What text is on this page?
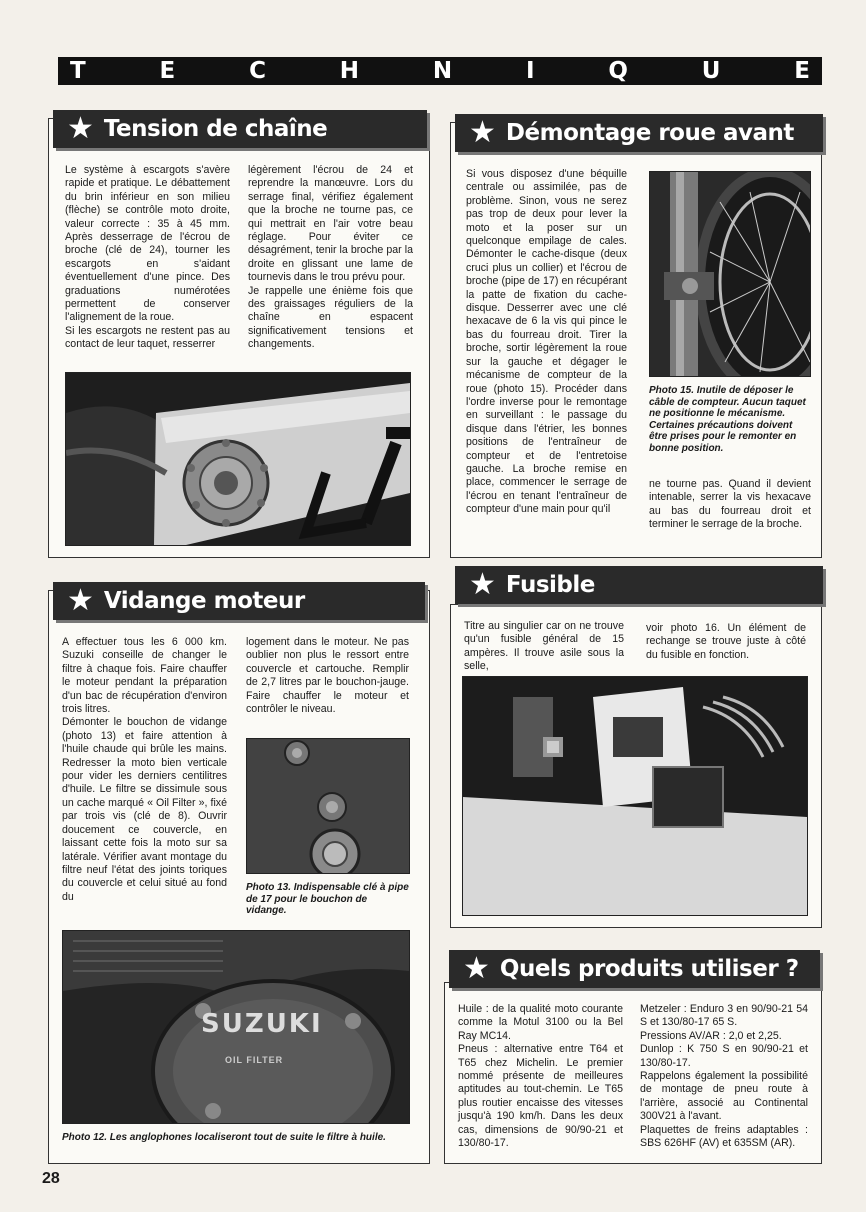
T	E	C	H	N	I	Q	U	E
★ Tension de chaîne

Le système à escargots s'avère rapide et pratique. Le débattement du brin inférieur en son milieu (flèche) se contrôle moto droite, valeur correcte : 35 à 45 mm. Après desserrage de l'écrou de broche (clé de 24), tourner les escargots en s'aidant éventuellement d'une pince. Des graduations numérotées permettent de conserver l'alignement de la roue.

Si les escargots ne restent pas au contact de leur taquet, resserrer

légèrement l'écrou de 24 et reprendre la manœuvre. Lors du serrage final, vérifiez également que la broche ne tourne pas, ce qui mettrait en l'air votre beau réglage. Pour éviter ce désagrément, tenir la broche par la droite en glissant une lame de tournevis dans le trou prévu pour.

Je rappelle une énième fois que des graissages réguliers de la chaîne en espacent significativement tensions et changements.

★ Démontage roue avant

Si vous disposez d'une béquille centrale ou assimilée, pas de problème. Sinon, vous ne serez pas trop de deux pour lever la moto et la poser sur un quelconque empilage de cales. Démonter le cache-disque (deux cruci plus un collier) et l'écrou de broche (pipe de 17) en récupérant la patte de fixation du cache-disque. Desserrer avec une clé hexacave de 6 la vis qui pince le bas du fourreau droit. Tirer la broche, sortir légèrement la roue sur la gauche et dégager le mécanisme de compteur de la roue (photo 15). Procéder dans l'ordre inverse pour le remontage en surveillant : le passage du disque dans l'étrier, les bonnes positions de l'entraîneur de compteur et de l'entretoise gauche. La broche remise en place, commencer le serrage de l'écrou en tenant l'entraîneur de compteur d'une main pour qu'il

Photo 15. Inutile de déposer le câble de compteur. Aucun taquet ne positionne le mécanisme. Certaines précautions doivent être prises pour le remonter en bonne position.

ne tourne pas. Quand il devient intenable, serrer la vis hexacave au bas du fourreau droit et terminer le serrage de la broche.

★ Vidange moteur

A effectuer tous les 6 000 km. Suzuki conseille de changer le filtre à chaque fois. Faire chauffer le moteur pendant la préparation d'un bac de récupération d'environ trois litres.

Démonter le bouchon de vidange (photo 13) et faire attention à l'huile chaude qui brûle les mains. Redresser la moto bien verticale pour vider les derniers centilitres d'huile. Le filtre se dissimule sous un cache marqué « Oil Filter », fixé par trois vis (clé de 8). Ouvrir doucement ce couvercle, en laissant cette fois la moto sur sa latérale. Vérifier avant montage du filtre neuf l'état des joints toriques du couvercle et celui situé au fond du

logement dans le moteur. Ne pas oublier non plus le ressort entre couvercle et cartouche. Remplir de 2,7 litres par le bouchon-jauge. Faire chauffer le moteur et contrôler le niveau.

Photo 13. Indispensable clé à pipe de 17 pour le bouchon de vidange.

SUZUKI
OIL FILTER

Photo 12. Les anglophones localiseront tout de suite le filtre à huile.

★ Fusible

Titre au singulier car on ne trouve qu'un fusible général de 15 ampères. Il trouve asile sous la selle,

voir photo 16. Un élément de rechange se trouve juste à côté du fusible en fonction.

★ Quels produits utiliser ?

Huile : de la qualité moto courante comme la Motul 3100 ou la Bel Ray MC14.

Pneus : alternative entre T64 et T65 chez Michelin. Le premier nommé présente de meilleures aptitudes au tout-chemin. Le T65 plus routier encaisse des vitesses jusqu'à 190 km/h. Dans les deux cas, dimensions de 90/90-21 et 130/80-17.

Metzeler : Enduro 3 en 90/90-21 54 S et 130/80-17 65 S.

Pressions AV/AR : 2,0 et 2,25.

Dunlop : K 750 S en 90/90-21 et 130/80-17.

Rappelons également la possibilité de montage de pneu route à l'arrière, associé au Continental 300V21 à l'avant.

Plaquettes de freins adaptables : SBS 626HF (AV) et 635SM (AR).

28
